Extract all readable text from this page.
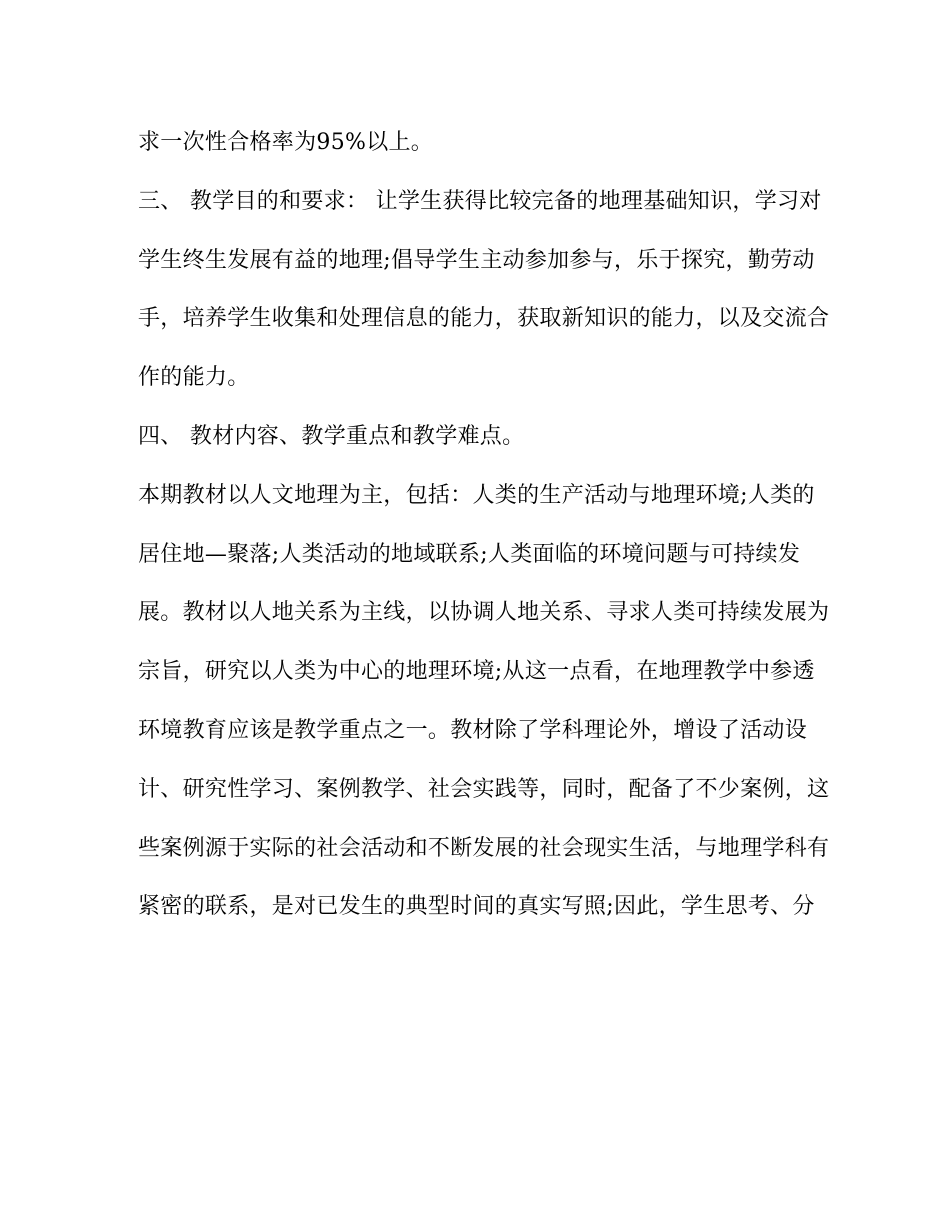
求一次性合格率为95%以上。
三、 教学目的和要求： 让学生获得比较完备的地理基础知识，学习对
学生终生发展有益的地理;倡导学生主动参加参与，乐于探究，勤劳动
手，培养学生收集和处理信息的能力，获取新知识的能力，以及交流合
作的能力。
四、 教材内容、教学重点和教学难点。
本期教材以人文地理为主，包括：人类的生产活动与地理环境;人类的
居住地—聚落;人类活动的地域联系;人类面临的环境问题与可持续发
展。教材以人地关系为主线，以协调人地关系、寻求人类可持续发展为
宗旨，研究以人类为中心的地理环境;从这一点看，在地理教学中参透
环境教育应该是教学重点之一。教材除了学科理论外，增设了活动设
计、研究性学习、案例教学、社会实践等，同时，配备了不少案例，这
些案例源于实际的社会活动和不断发展的社会现实生活，与地理学科有
紧密的联系，是对已发生的典型时间的真实写照;因此，学生思考、分
